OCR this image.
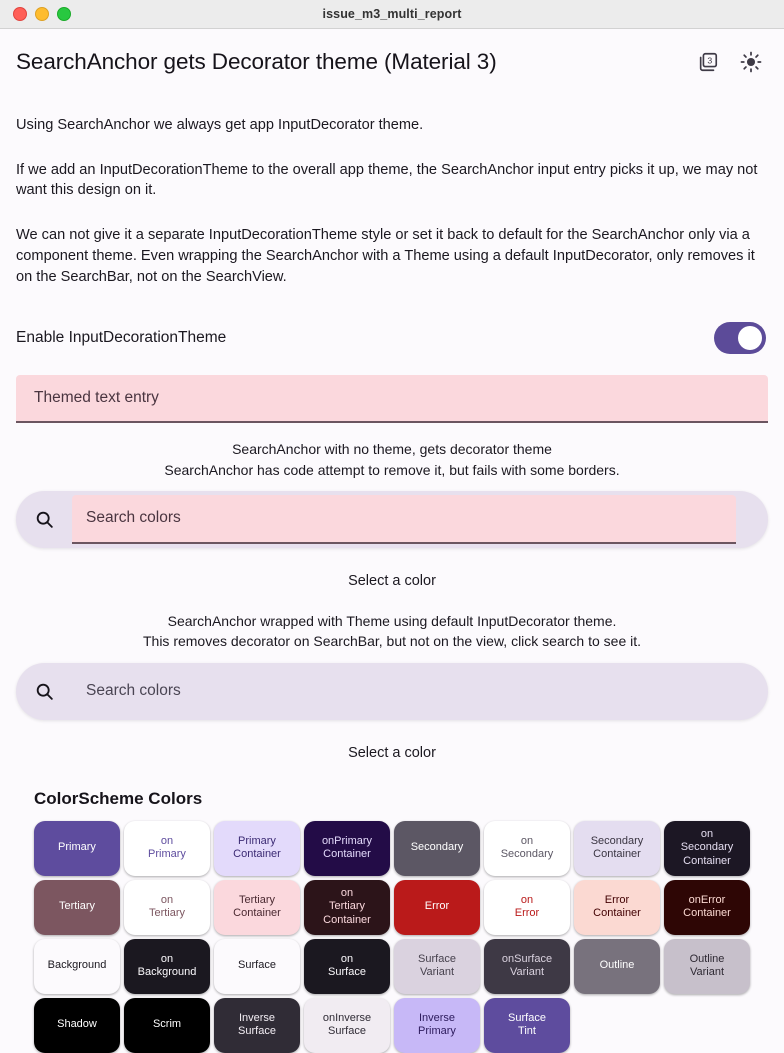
issue_m3_multi_report
SearchAnchor gets Decorator theme (Material 3)	3

Using SearchAnchor we always get app InputDecorator theme.

If we add an InputDecorationTheme to the overall app theme, the SearchAnchor input entry picks it up, we may not want this design on it.

We can not give it a separate InputDecorationTheme style or set it back to default for the SearchAnchor only via a component theme. Even wrapping the SearchAnchor with a Theme using a default InputDecorator, only removes it on the SearchBar, not on the SearchView.

Enable InputDecorationTheme
Themed text entry
SearchAnchor with no theme, gets decorator theme
SearchAnchor has code attempt to remove it, but fails with some borders.
Search colors
Select a color
SearchAnchor wrapped with Theme using default InputDecorator theme.
This removes decorator on SearchBar, but not on the view, click search to see it.
Search colors
Select a color
ColorScheme Colors
Primary
on
Primary
Primary
Container
onPrimary
Container
Secondary
on
Secondary
Secondary
Container
on
Secondary
Container
Tertiary
on
Tertiary
Tertiary
Container
on
Tertiary
Container
Error
on
Error
Error
Container
onError
Container
Background
on
Background
Surface
on
Surface
Surface
Variant
onSurface
Variant
Outline
Outline
Variant
Shadow	Scrim
Inverse
Surface
onInverse
Surface
Inverse
Primary
Surface
Tint
